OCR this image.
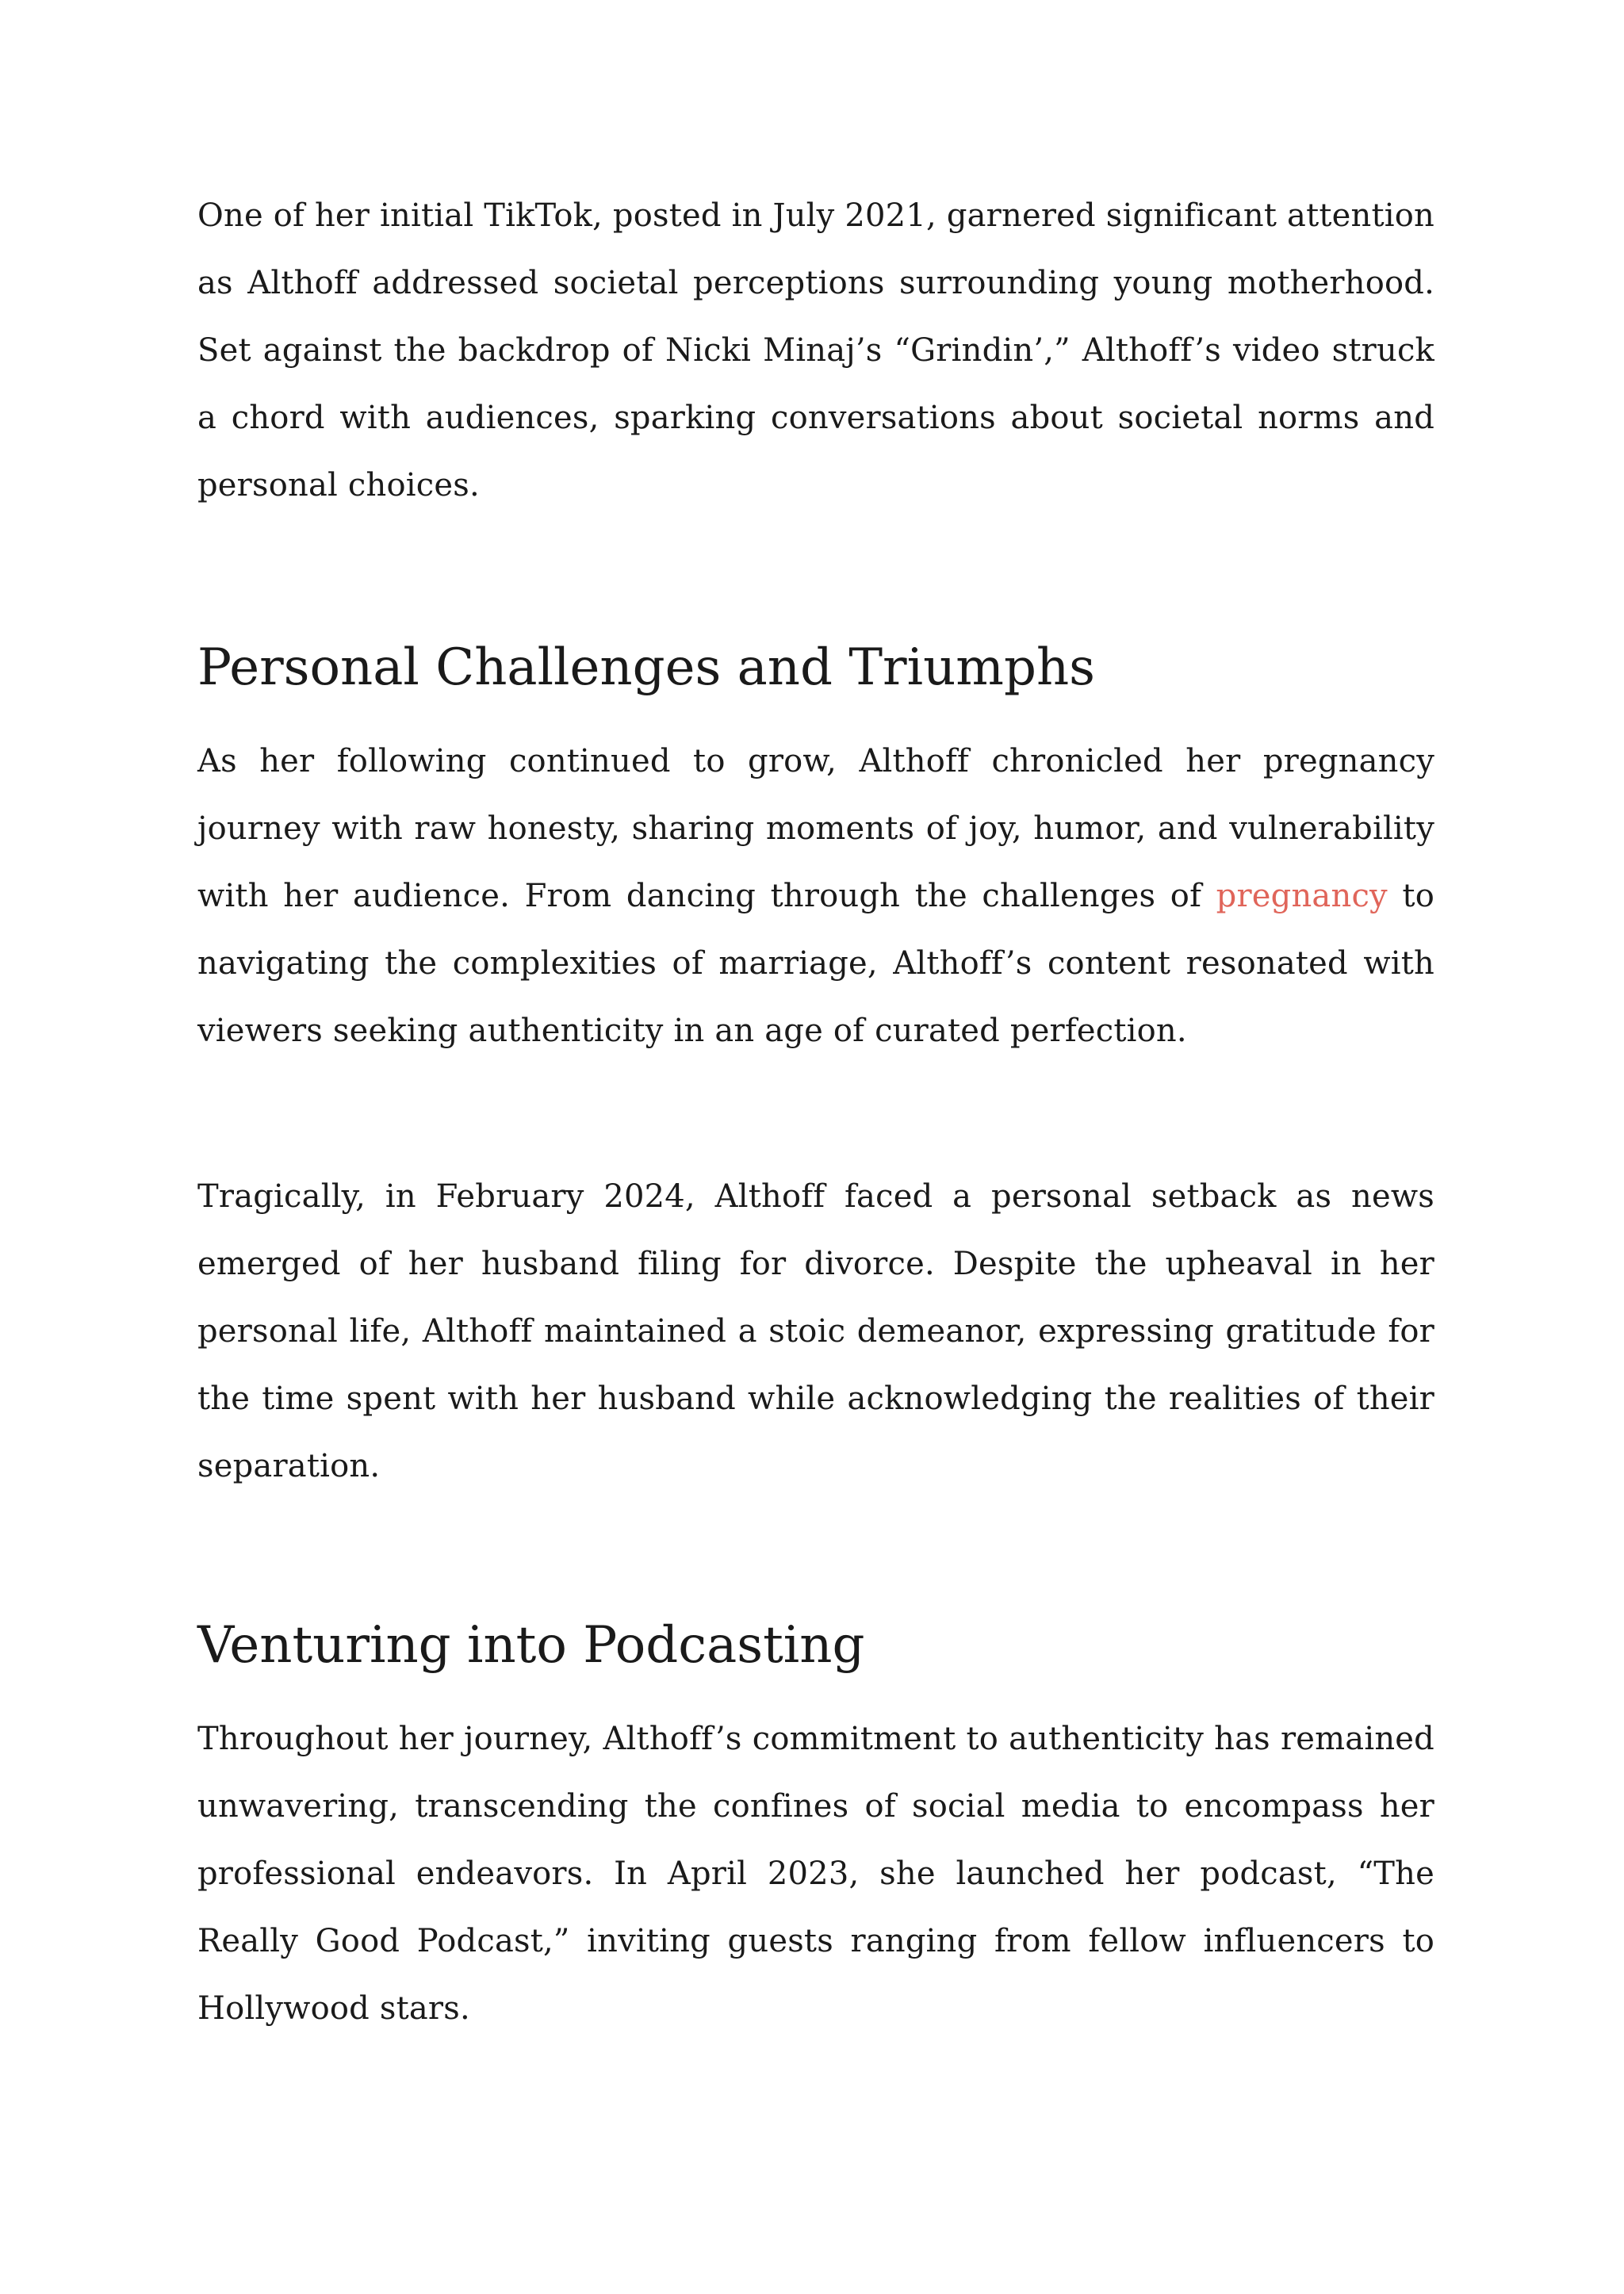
One of her initial TikTok, posted in July 2021, garnered significant attention as Althoff addressed societal perceptions surrounding young motherhood. Set against the backdrop of Nicki Minaj’s “Grindin’,” Althoff’s video struck a chord with audiences, sparking conversations about societal norms and personal choices.

Personal Challenges and Triumphs

As her following continued to grow, Althoff chronicled her pregnancy journey with raw honesty, sharing moments of joy, humor, and vulnerability with her audience. From dancing through the challenges of pregnancy to navigating the complexities of marriage, Althoff’s content resonated with viewers seeking authenticity in an age of curated perfection.

Tragically, in February 2024, Althoff faced a personal setback as news emerged of her husband filing for divorce. Despite the upheaval in her personal life, Althoff maintained a stoic demeanor, expressing gratitude for the time spent with her husband while acknowledging the realities of their separation.

Venturing into Podcasting

Throughout her journey, Althoff’s commitment to authenticity has remained unwavering, transcending the confines of social media to encompass her professional endeavors. In April 2023, she launched her podcast, “The Really Good Podcast,” inviting guests ranging from fellow influencers to Hollywood stars.
